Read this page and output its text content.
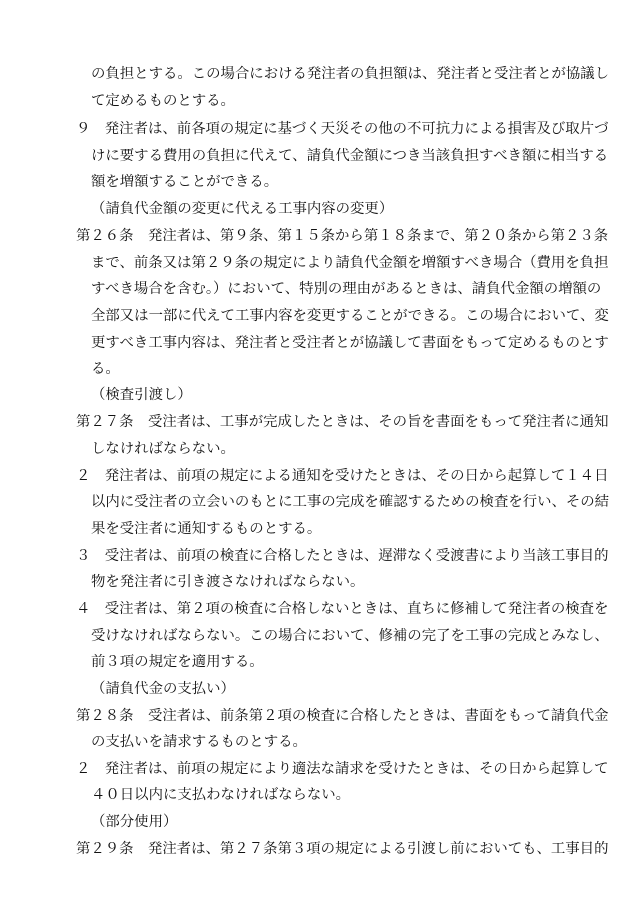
の負担とする。この場合における発注者の負担額は、発注者と受注者とが協議し
て定めるものとする。
９　発注者は、前各項の規定に基づく天災その他の不可抗力による損害及び取片づ
けに要する費用の負担に代えて、請負代金額につき当該負担すべき額に相当する
額を増額することができる。
（請負代金額の変更に代える工事内容の変更）
第２６条　発注者は、第９条、第１５条から第１８条まで、第２０条から第２３条
まで、前条又は第２９条の規定により請負代金額を増額すべき場合（費用を負担
すべき場合を含む。）において、特別の理由があるときは、請負代金額の増額の
全部又は一部に代えて工事内容を変更することができる。この場合において、変
更すべき工事内容は、発注者と受注者とが協議して書面をもって定めるものとす
る。
（検査引渡し）
第２７条　受注者は、工事が完成したときは、その旨を書面をもって発注者に通知
しなければならない。
２　発注者は、前項の規定による通知を受けたときは、その日から起算して１４日
以内に受注者の立会いのもとに工事の完成を確認するための検査を行い、その結
果を受注者に通知するものとする。
３　受注者は、前項の検査に合格したときは、遅滞なく受渡書により当該工事目的
物を発注者に引き渡さなければならない。
４　受注者は、第２項の検査に合格しないときは、直ちに修補して発注者の検査を
受けなければならない。この場合において、修補の完了を工事の完成とみなし、
前３項の規定を適用する。
（請負代金の支払い）
第２８条　受注者は、前条第２項の検査に合格したときは、書面をもって請負代金
の支払いを請求するものとする。
２　発注者は、前項の規定により適法な請求を受けたときは、その日から起算して
４０日以内に支払わなければならない。
（部分使用）
第２９条　発注者は、第２７条第３項の規定による引渡し前においても、工事目的
